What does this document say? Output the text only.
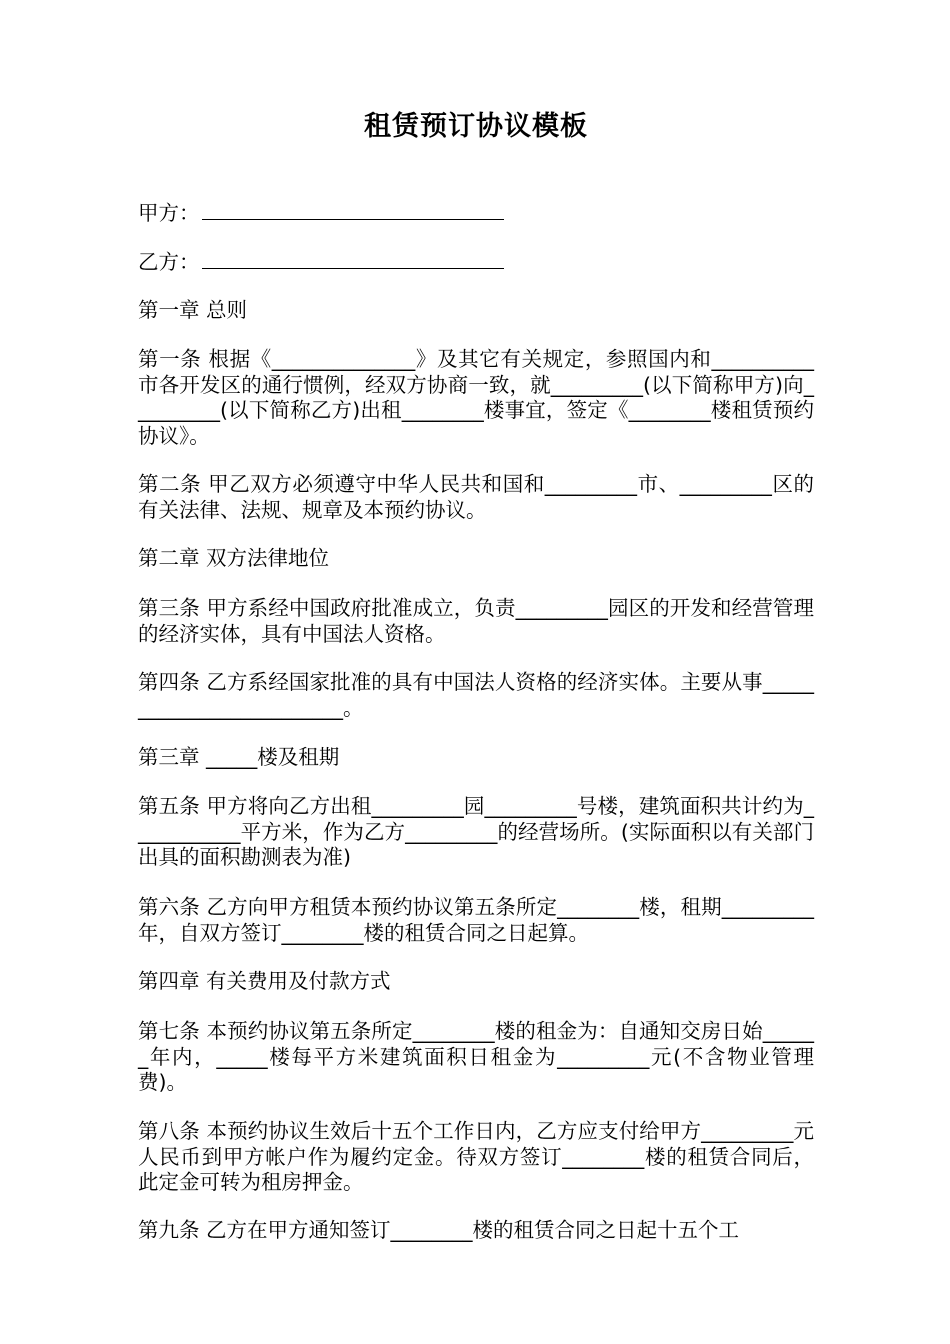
租赁预订协议模板
甲方：
乙方：
第一章 总则
第一条 根据《______________》及其它有关规定，参照国内和__________市各开发区的通行惯例，经双方协商一致，就_________(以下简称甲方)向_________(以下简称乙方)出租________楼事宜，签定《________楼租赁预约协议》。
第二条 甲乙双方必须遵守中华人民共和国和_________市、_________区的有关法律、法规、规章及本预约协议。
第二章 双方法律地位
第三条 甲方系经中国政府批准成立，负责_________园区的开发和经营管理的经济实体，具有中国法人资格。
第四条 乙方系经国家批准的具有中国法人资格的经济实体。主要从事_________________________。
第三章 _____楼及租期
第五条 甲方将向乙方出租_________园_________号楼，建筑面积共计约为___________平方米，作为乙方_________的经营场所。(实际面积以有关部门出具的面积勘测表为准)
第六条 乙方向甲方租赁本预约协议第五条所定________楼，租期_________年，自双方签订________楼的租赁合同之日起算。
第四章 有关费用及付款方式
第七条 本预约协议第五条所定________楼的租金为：自通知交房日始______年内，_____楼每平方米建筑面积日租金为_________元(不含物业管理费)。
第八条 本预约协议生效后十五个工作日内，乙方应支付给甲方_________元人民币到甲方帐户作为履约定金。待双方签订________楼的租赁合同后，此定金可转为租房押金。
第九条 乙方在甲方通知签订________楼的租赁合同之日起十五个工
